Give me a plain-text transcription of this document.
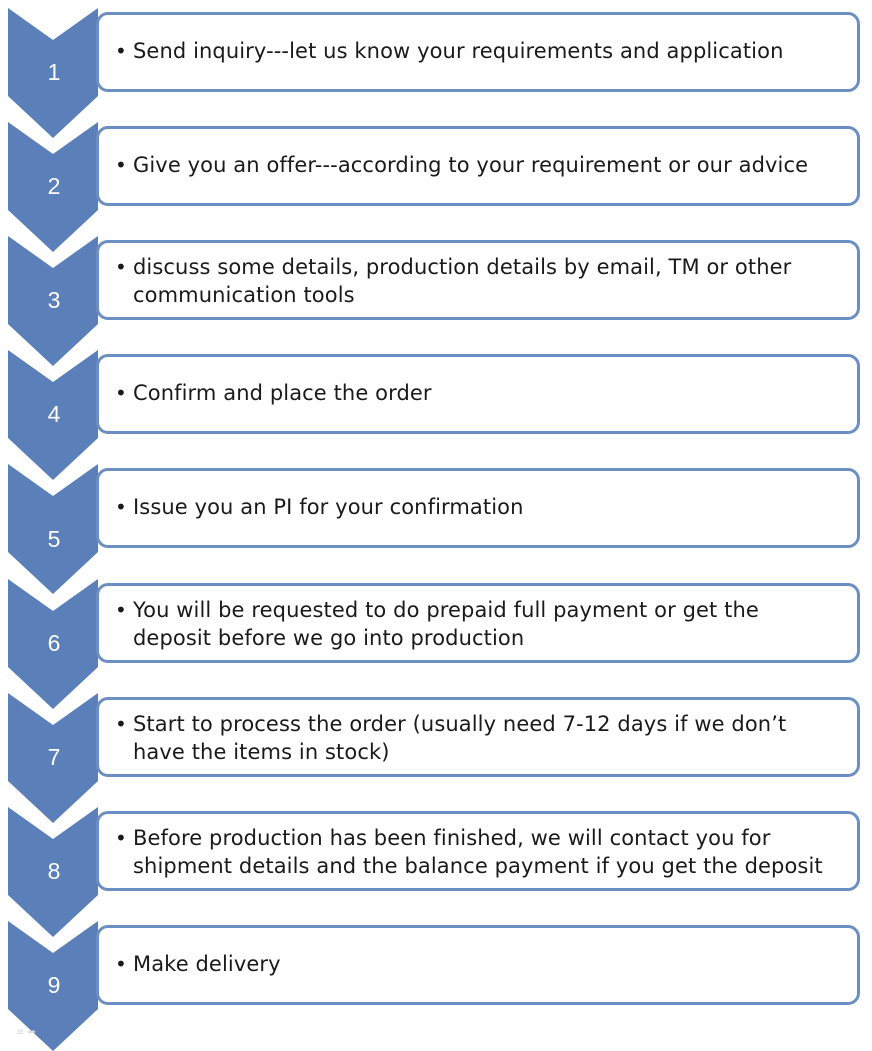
1
• Send inquiry---let us know your requirements and application
2
• Give you an offer---according to your requirement or our advice
3
• discuss some details, production details by email, TM or other communication tools
4
• Confirm and place the order
5
• Issue you an PI for your confirmation
6
• You will be requested to do prepaid full payment or get the deposit before we go into production
7
• Start to process the order (usually need 7-12 days if we don’t have the items in stock)
8
• Before production has been finished, we will contact you for shipment details and the balance payment if you get the deposit
9
• Make delivery
≡ ➦
